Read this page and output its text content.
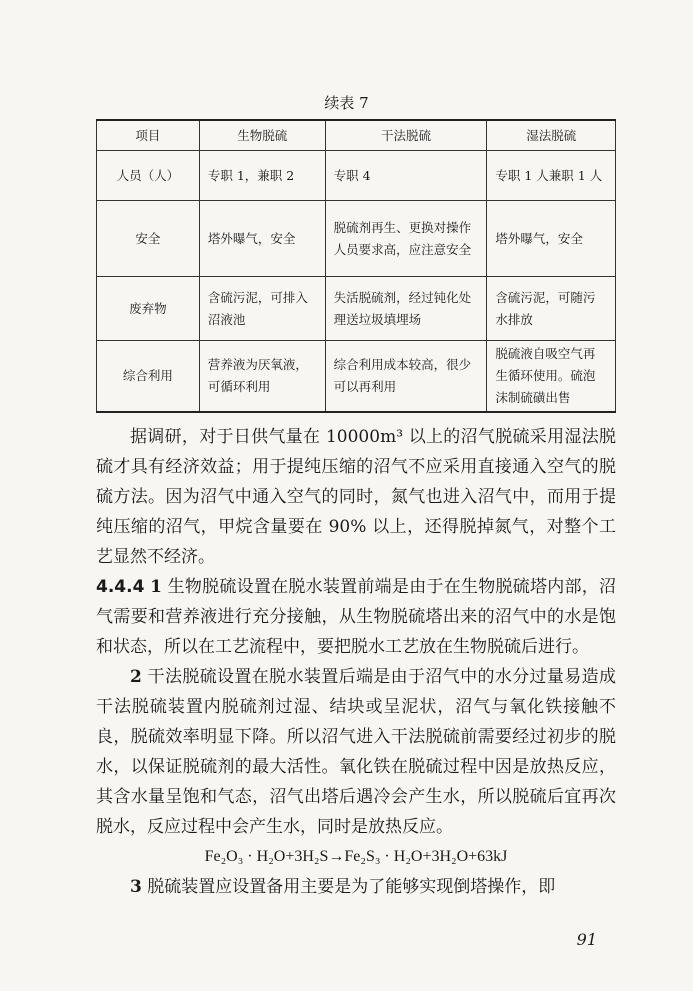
续表 7
项目	生物脱硫	干法脱硫	湿法脱硫
人员（人）	专职 1，兼职 2	专职 4	专职 1 人兼职 1 人
安全	塔外曝气，安全	脱硫剂再生、更换对操作人员要求高，应注意安全	塔外曝气，安全
废弃物	含硫污泥，可排入沼液池	失活脱硫剂，经过钝化处理送垃圾填埋场	含硫污泥，可随污水排放
综合利用	营养液为厌氧液，可循环利用	综合利用成本较高，很少可以再利用	脱硫液自吸空气再生循环使用。硫泡沫制硫磺出售

据调研，对于日供气量在 10000m³ 以上的沼气脱硫采用湿法脱硫才具有经济效益；用于提纯压缩的沼气不应采用直接通入空气的脱硫方法。因为沼气中通入空气的同时，氮气也进入沼气中，而用于提纯压缩的沼气，甲烷含量要在 90% 以上，还得脱掉氮气，对整个工艺显然不经济。

4.4.4 1 生物脱硫设置在脱水装置前端是由于在生物脱硫塔内部，沼气需要和营养液进行充分接触，从生物脱硫塔出来的沼气中的水是饱和状态，所以在工艺流程中，要把脱水工艺放在生物脱硫后进行。

2 干法脱硫设置在脱水装置后端是由于沼气中的水分过量易造成干法脱硫装置内脱硫剂过湿、结块或呈泥状，沼气与氧化铁接触不良，脱硫效率明显下降。所以沼气进入干法脱硫前需要经过初步的脱水，以保证脱硫剂的最大活性。氧化铁在脱硫过程中因是放热反应，其含水量呈饱和气态，沼气出塔后遇冷会产生水，所以脱硫后宜再次脱水，反应过程中会产生水，同时是放热反应。

Fe₂O₃ · H₂O+3H₂S→Fe₂S₃ · H₂O+3H₂O+63kJ

3 脱硫装置应设置备用主要是为了能够实现倒塔操作，即

91
